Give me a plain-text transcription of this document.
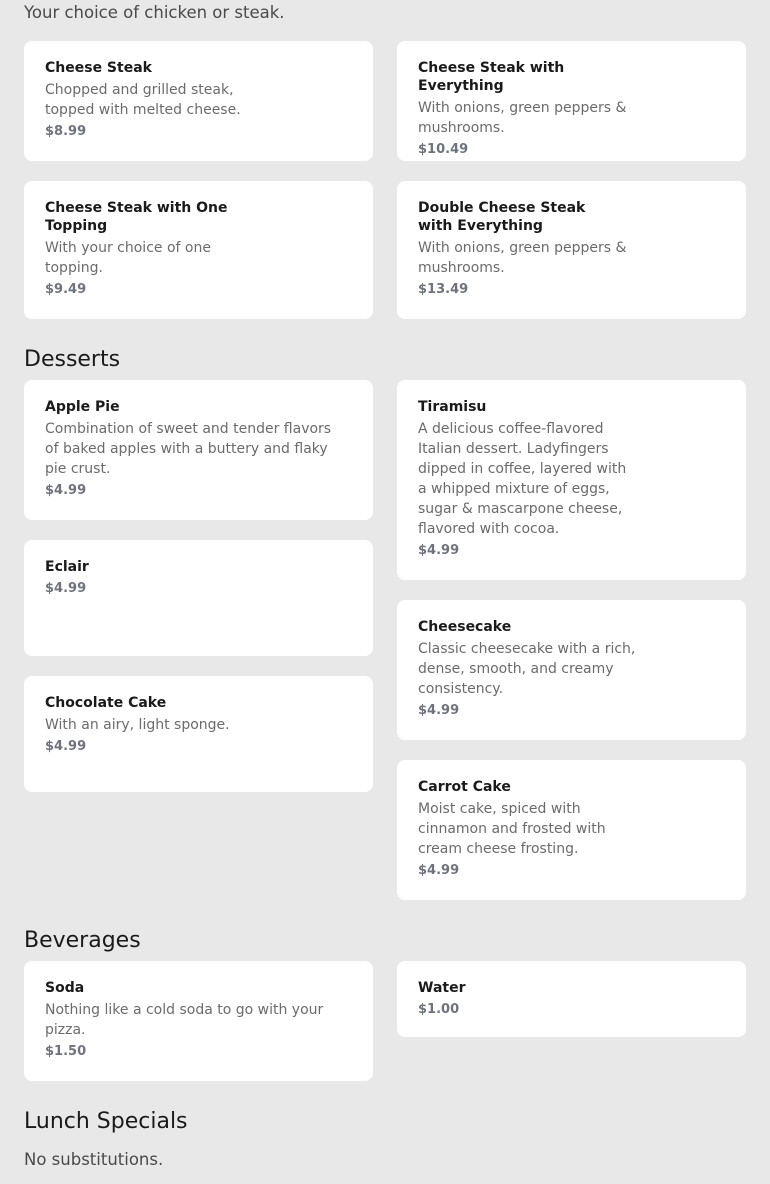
Your choice of chicken or steak.
Cheese Steak
Chopped and grilled steak, topped with melted cheese.
$8.99
Cheese Steak with Everything
With onions, green peppers & mushrooms.
$10.49
Cheese Steak with One Topping
With your choice of one topping.
$9.49
Double Cheese Steak with Everything
With onions, green peppers & mushrooms.
$13.49
Desserts
Apple Pie
Combination of sweet and tender flavors of baked apples with a buttery and flaky pie crust.
$4.99
Tiramisu
A delicious coffee-flavored Italian dessert. Ladyfingers dipped in coffee, layered with a whipped mixture of eggs, sugar & mascarpone cheese, flavored with cocoa.
$4.99
Eclair
$4.99
Cheesecake
Classic cheesecake with a rich, dense, smooth, and creamy consistency.
$4.99
Chocolate Cake
With an airy, light sponge.
$4.99
Carrot Cake
Moist cake, spiced with cinnamon and frosted with cream cheese frosting.
$4.99
Beverages
Soda
Nothing like a cold soda to go with your pizza.
$1.50
Water
$1.00
Lunch Specials
No substitutions.
